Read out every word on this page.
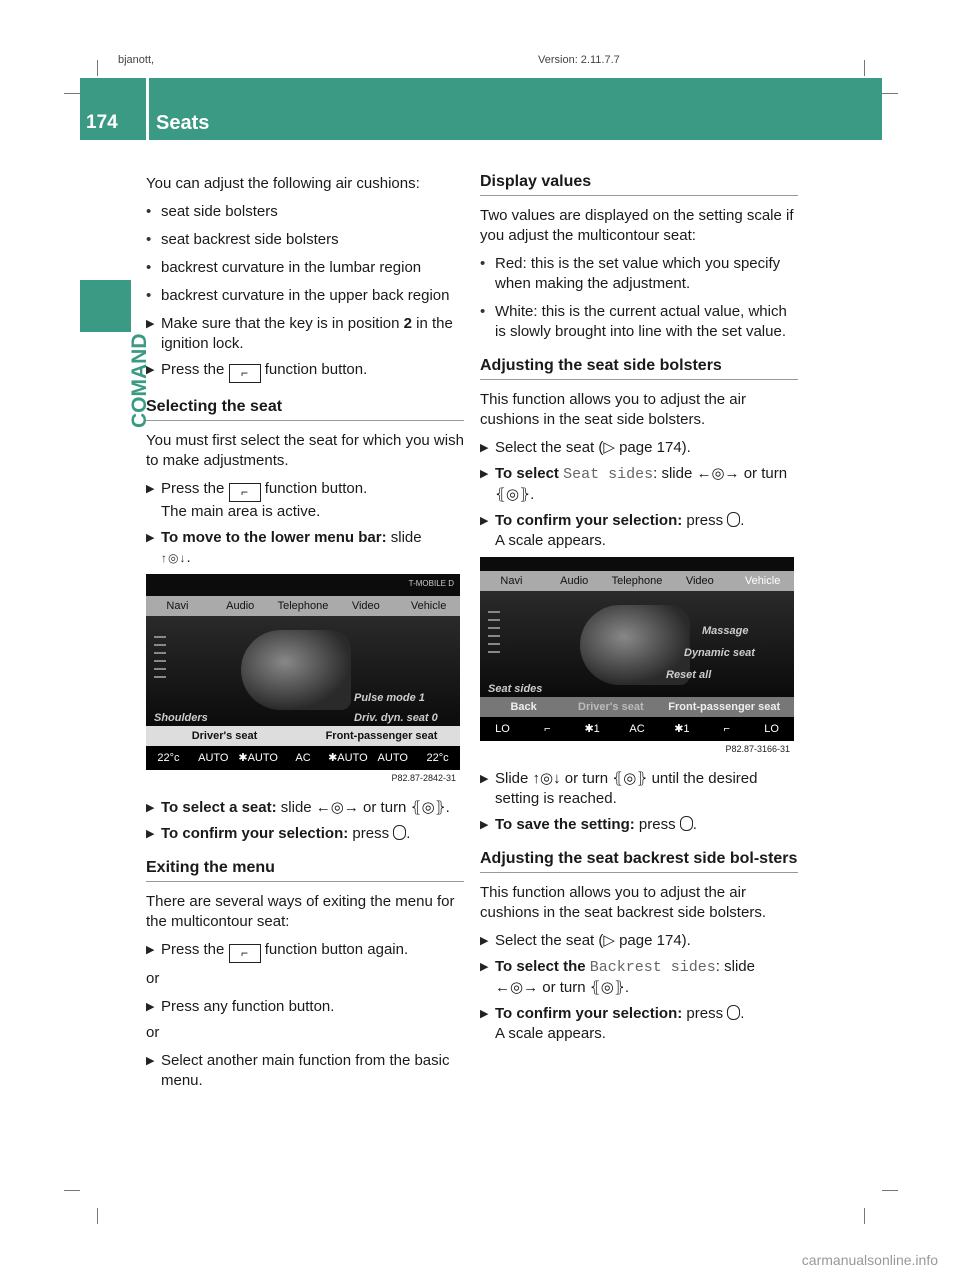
bjanott,	Version: 2.11.7.7
174 Seats
COMAND

You can adjust the following air cushions:

• seat side bolsters
• seat backrest side bolsters
• backrest curvature in the lumbar region
• backrest curvature in the upper back region
▶ Make sure that the key is in position 2 in the ignition lock.
▶ Press the ⌐ function button.
Selecting the seat

You must first select the seat for which you wish to make adjustments.

▶ Press the ⌐ function button.
The main area is active.
▶ To move to the lower menu bar: slide
↑◎↓.
T-MOBILE D
Navi	Audio	Telephone	Video	Vehicle
Shoulders
Pulse mode 1
Driv. dyn. seat 0
Driver's seat	Front-passenger seat
22°c	AUTO ✱AUTO	AC	✱AUTO AUTO	22°c
P82.87-2842-31
▶ To select a seat: slide ←◎→ or turn ⦃◎⦄.
▶ To confirm your selection: press .
Exiting the menu

There are several ways of exiting the menu for the multicontour seat:

▶ Press the ⌐ function button again.

or

▶ Press any function button.

or

▶ Select another main function from the basic menu.
Display values

Two values are displayed on the setting scale if you adjust the multicontour seat:

• Red: this is the set value which you specify when making the adjustment.
• White: this is the current actual value, which is slowly brought into line with the set value.
Adjusting the seat side bolsters

This function allows you to adjust the air cushions in the seat side bolsters.

▶ Select the seat (▷ page 174).
▶ To select Seat sides: slide ←◎→ or turn ⦃◎⦄.
▶ To confirm your selection: press .
A scale appears.
Navi	Audio	Telephone	Video	Vehicle
Massage
Dynamic seat
Reset all
Seat sides
Back	Driver's seat	Front-passenger seat
LO	⌐	✱1	AC	✱1	⌐	LO
P82.87-3166-31
▶ Slide ↑◎↓ or turn ⦃◎⦄ until the desired setting is reached.
▶ To save the setting: press .
Adjusting the seat backrest side bol-sters

This function allows you to adjust the air cushions in the seat backrest side bolsters.

▶ Select the seat (▷ page 174).
▶ To select the Backrest sides: slide ←◎→ or turn ⦃◎⦄.
▶ To confirm your selection: press .
A scale appears.
carmanualsonline.info
